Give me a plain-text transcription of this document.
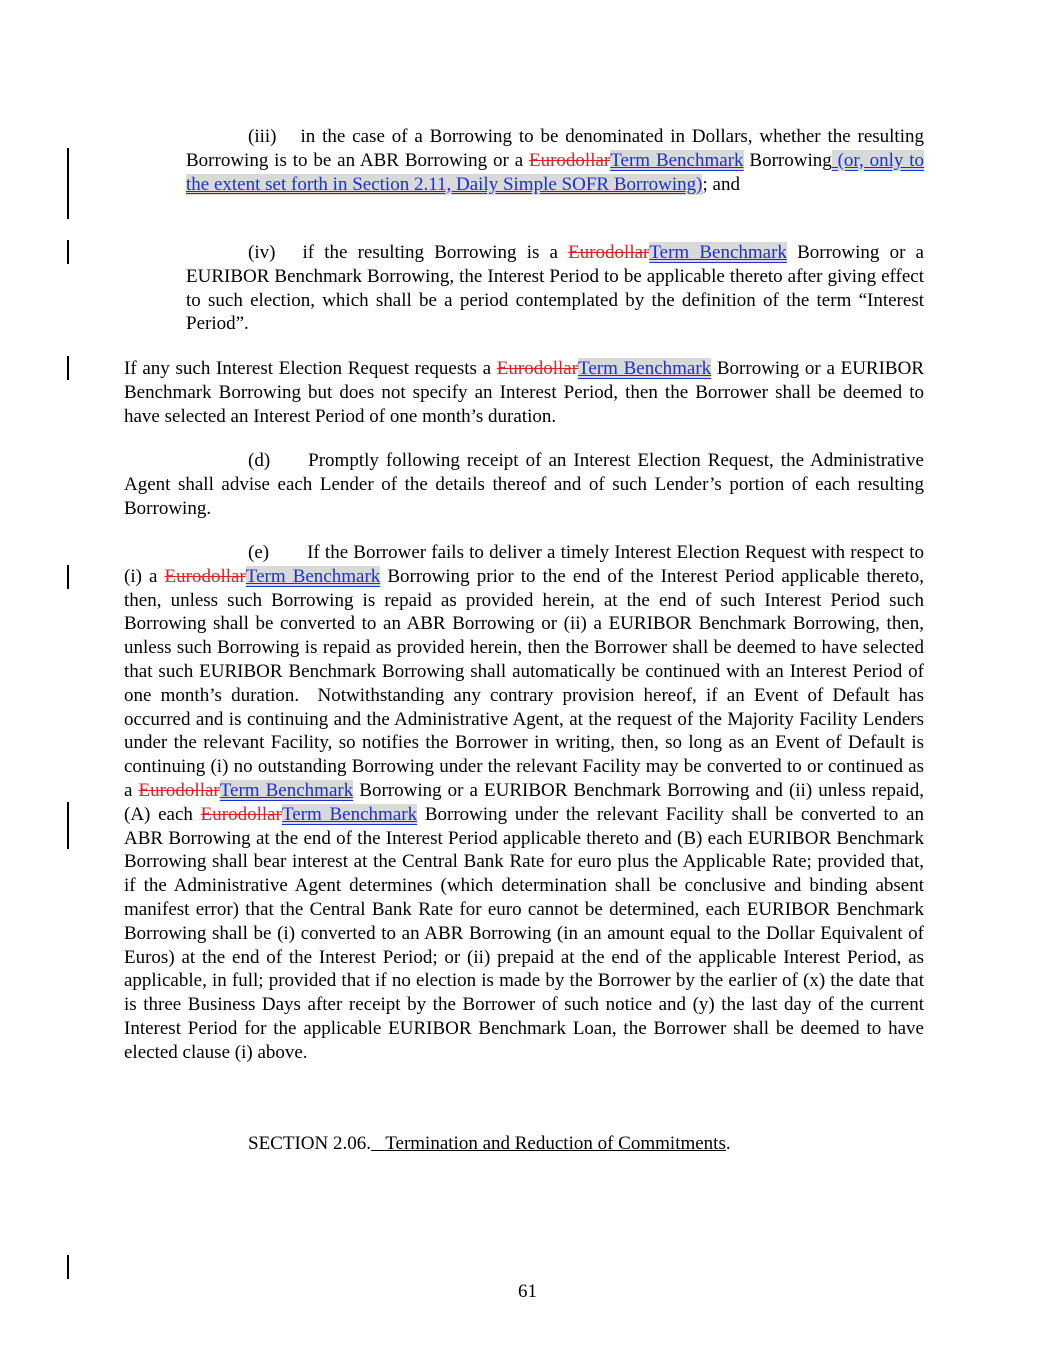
(iii) in the case of a Borrowing to be denominated in Dollars, whether the resulting Borrowing is to be an ABR Borrowing or a EurodollarTerm Benchmark Borrowing (or, only to the extent set forth in Section 2.11, Daily Simple SOFR Borrowing); and

(iv) if the resulting Borrowing is a EurodollarTerm Benchmark Borrowing or a EURIBOR Benchmark Borrowing, the Interest Period to be applicable thereto after giving effect to such election, which shall be a period contemplated by the definition of the term “Interest Period”.

If any such Interest Election Request requests a EurodollarTerm Benchmark Borrowing or a EURIBOR Benchmark Borrowing but does not specify an Interest Period, then the Borrower shall be deemed to have selected an Interest Period of one month’s duration.

(d) Promptly following receipt of an Interest Election Request, the Administrative Agent shall advise each Lender of the details thereof and of such Lender’s portion of each resulting Borrowing.

(e) If the Borrower fails to deliver a timely Interest Election Request with respect to (i) a EurodollarTerm Benchmark Borrowing prior to the end of the Interest Period applicable thereto, then, unless such Borrowing is repaid as provided herein, at the end of such Interest Period such Borrowing shall be converted to an ABR Borrowing or (ii) a EURIBOR Benchmark Borrowing, then, unless such Borrowing is repaid as provided herein, then the Borrower shall be deemed to have selected that such EURIBOR Benchmark Borrowing shall automatically be continued with an Interest Period of one month’s duration.  Notwithstanding any contrary provision hereof, if an Event of Default has occurred and is continuing and the Administrative Agent, at the request of the Majority Facility Lenders under the relevant Facility, so notifies the Borrower in writing, then, so long as an Event of Default is continuing (i) no outstanding Borrowing under the relevant Facility may be converted to or continued as a EurodollarTerm Benchmark Borrowing or a EURIBOR Benchmark Borrowing and (ii) unless repaid, (A) each EurodollarTerm Benchmark Borrowing under the relevant Facility shall be converted to an ABR Borrowing at the end of the Interest Period applicable thereto and (B) each EURIBOR Benchmark Borrowing shall bear interest at the Central Bank Rate for euro plus the Applicable Rate; provided that, if the Administrative Agent determines (which determination shall be conclusive and binding absent manifest error) that the Central Bank Rate for euro cannot be determined, each EURIBOR Benchmark Borrowing shall be (i) converted to an ABR Borrowing (in an amount equal to the Dollar Equivalent of Euros) at the end of the Interest Period; or (ii) prepaid at the end of the applicable Interest Period, as applicable, in full; provided that if no election is made by the Borrower by the earlier of (x) the date that is three Business Days after receipt by the Borrower of such notice and (y) the last day of the current Interest Period for the applicable EURIBOR Benchmark Loan, the Borrower shall be deemed to have elected clause (i) above.

SECTION 2.06. Termination and Reduction of Commitments.
61
